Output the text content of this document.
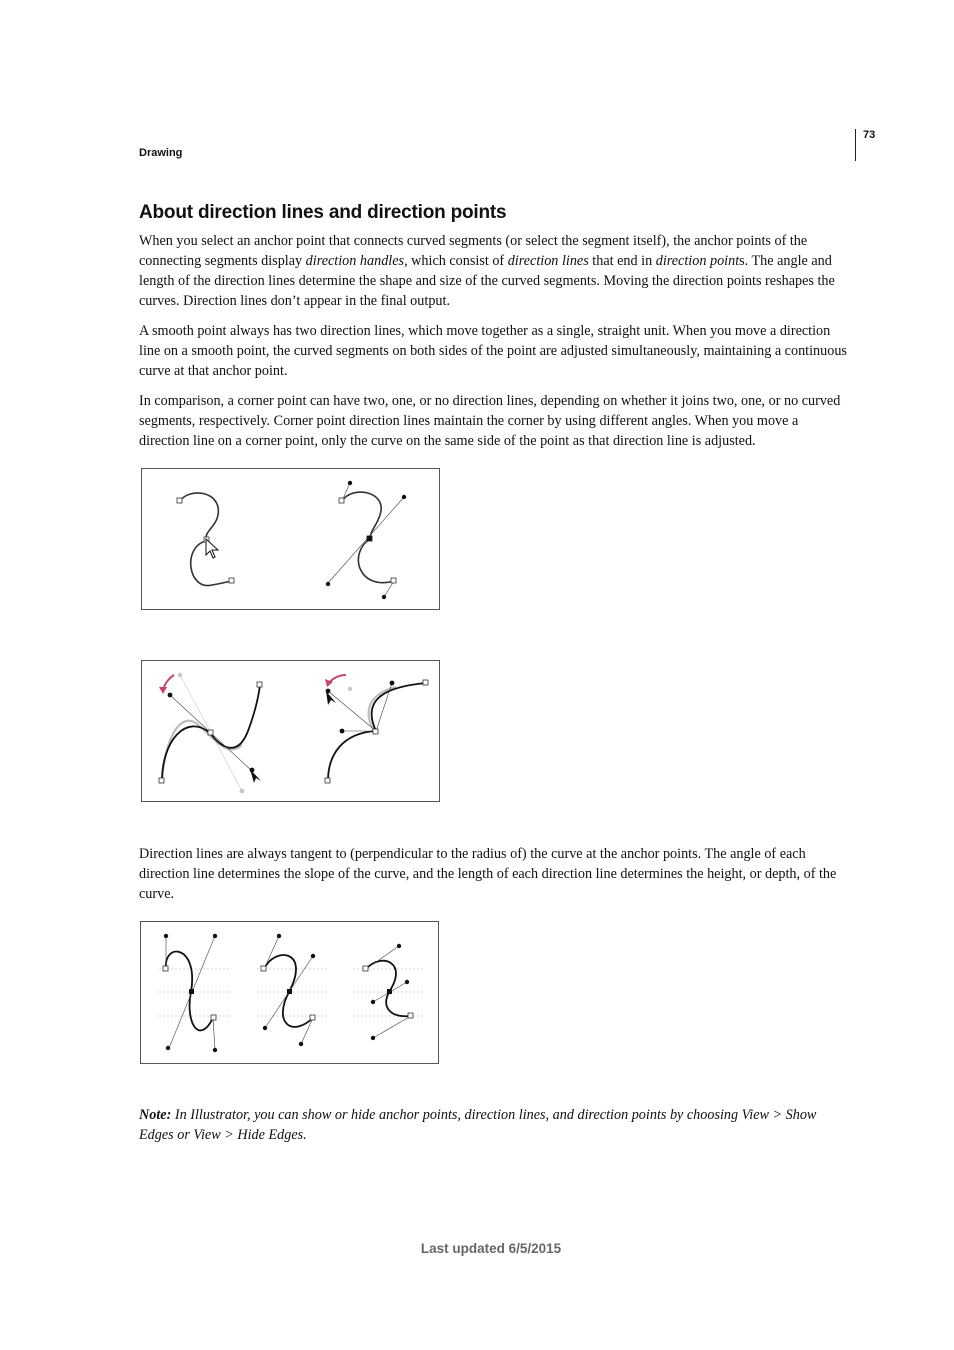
73
Drawing
About direction lines and direction points

When you select an anchor point that connects curved segments (or select the segment itself), the anchor points of the connecting segments display direction handles, which consist of direction lines that end in direction points. The angle and length of the direction lines determine the shape and size of the curved segments. Moving the direction points reshapes the curves. Direction lines don’t appear in the final output.

A smooth point always has two direction lines, which move together as a single, straight unit. When you move a direction line on a smooth point, the curved segments on both sides of the point are adjusted simultaneously, maintaining a continuous curve at that anchor point.

In comparison, a corner point can have two, one, or no direction lines, depending on whether it joins two, one, or no curved segments, respectively. Corner point direction lines maintain the corner by using different angles. When you move a direction line on a corner point, only the curve on the same side of the point as that direction line is adjusted.

Direction lines are always tangent to (perpendicular to the radius of) the curve at the anchor points. The angle of each direction line determines the slope of the curve, and the length of each direction line determines the height, or depth, of the curve.

Note: In Illustrator, you can show or hide anchor points, direction lines, and direction points by choosing View > Show Edges or View > Hide Edges.

Last updated 6/5/2015
